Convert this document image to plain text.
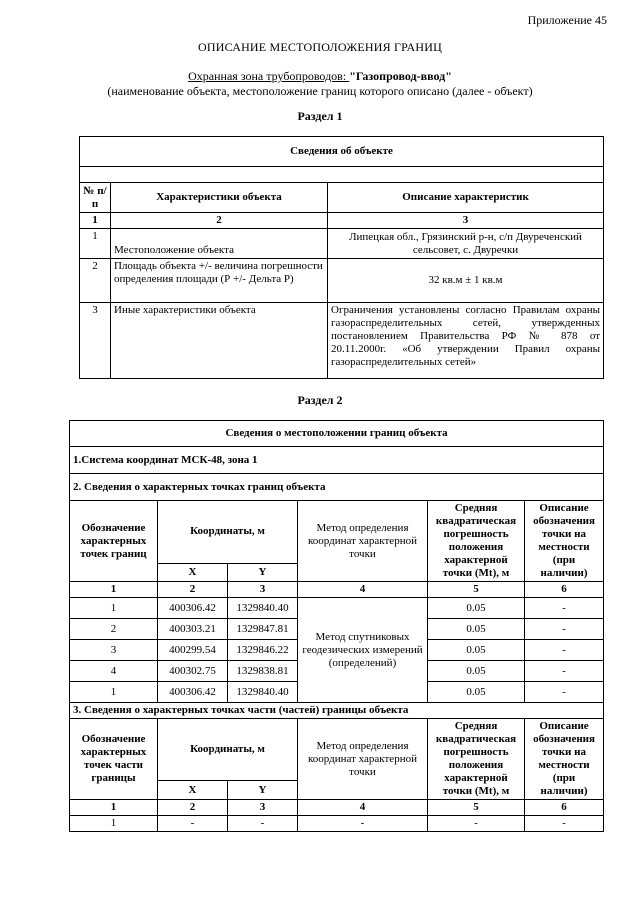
Приложение 45
ОПИСАНИЕ МЕСТОПОЛОЖЕНИЯ ГРАНИЦ
Охранная зона трубопроводов: "Газопровод-ввод"
(наименование объекта, местоположение границ которого описано (далее - объект)
Раздел 1
Сведения об объекте		

№ п/п	Характеристики объекта	Описание характеристик
1	2	3
1	Местоположение объекта	Липецкая обл., Грязинский р-н, с/п Двуреченский сельсовет, с. Двуречки
2	Площадь объекта +/- величина погрешности определения площади (Р +/- Дельта Р)	32 кв.м ± 1 кв.м
3	Иные характеристики объекта	Ограничения установлены согласно Правилам охраны газораспределительных сетей, утвержденных постановлением Правительства РФ № 878 от 20.11.2000г. «Об утверждении Правил охраны газораспределительных сетей»
Раздел 2
Сведения о местоположении границ объекта					
1.Система координат МСК-48, зона 1					
2. Сведения о характерных точках границ объекта					
Обозначение характерных точек границ	Координаты, м		Метод определения координат характерной точки	Средняя квадратическая погрешность положения характерной точки (Mt), м	Описание обозначения точки на местности (при наличии)
	X	Y			
1	2	3	4	5	6
1	400306.42	1329840.40	Метод спутниковых геодезических измерений (определений)	0.05	-
2	400303.21	1329847.81		0.05	-
3	400299.54	1329846.22		0.05	-
4	400302.75	1329838.81		0.05	-
1	400306.42	1329840.40		0.05	-
3. Сведения о характерных точках части (частей) границы объекта					
Обозначение характерных точек части границы	Координаты, м		Метод определения координат характерной точки	Средняя квадратическая погрешность положения характерной точки (Mt), м	Описание обозначения точки на местности (при наличии)
	X	Y			
1	2	3	4	5	6
1	-	-	-	-	-
